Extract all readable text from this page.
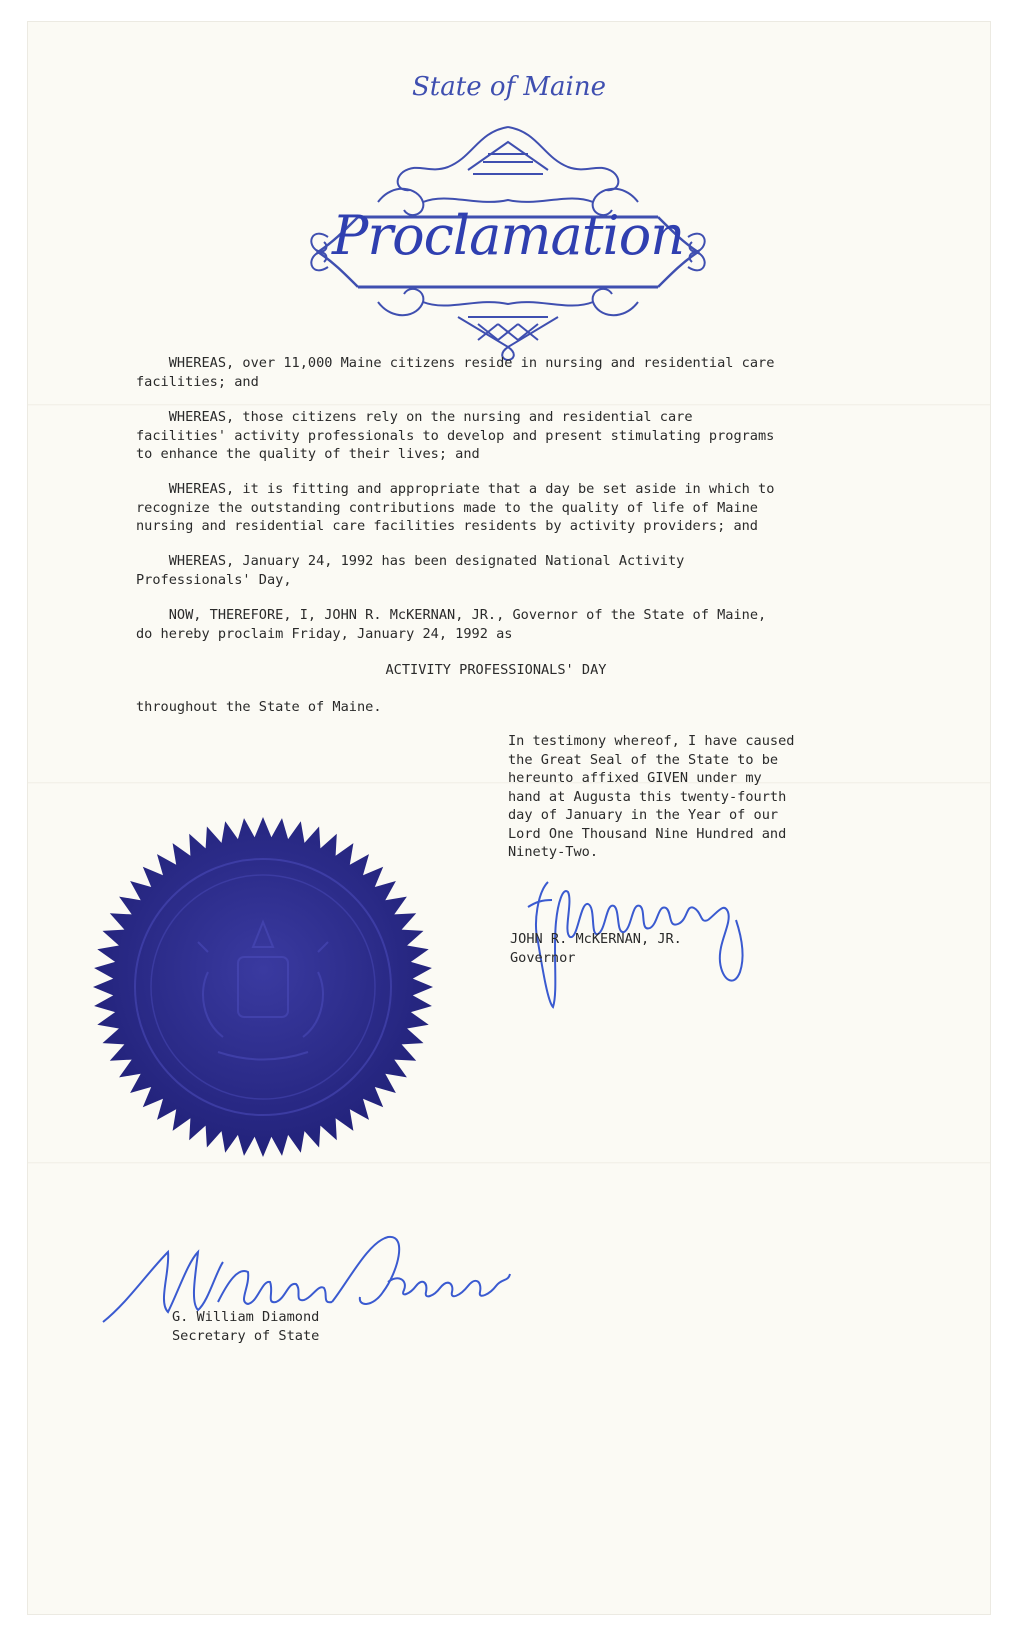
State of Maine
Proclamation

WHEREAS, over 11,000 Maine citizens reside in nursing and residential care
facilities; and

WHEREAS, those citizens rely on the nursing and residential care
facilities' activity professionals to develop and present stimulating programs
to enhance the quality of their lives; and

WHEREAS, it is fitting and appropriate that a day be set aside in which to
recognize the outstanding contributions made to the quality of life of Maine
nursing and residential care facilities residents by activity providers; and

WHEREAS, January 24, 1992 has been designated National Activity
Professionals' Day,

NOW, THEREFORE, I, JOHN R. McKERNAN, JR., Governor of the State of Maine,
do hereby proclaim Friday, January 24, 1992 as

ACTIVITY PROFESSIONALS' DAY

throughout the State of Maine.

In testimony whereof, I have caused
the Great Seal of the State to be
hereunto affixed GIVEN under my
hand at Augusta this twenty-fourth
day of January in the Year of our
Lord One Thousand Nine Hundred and
Ninety-Two.

JOHN R. McKERNAN, JR.

Governor

G. William Diamond

Secretary of State
